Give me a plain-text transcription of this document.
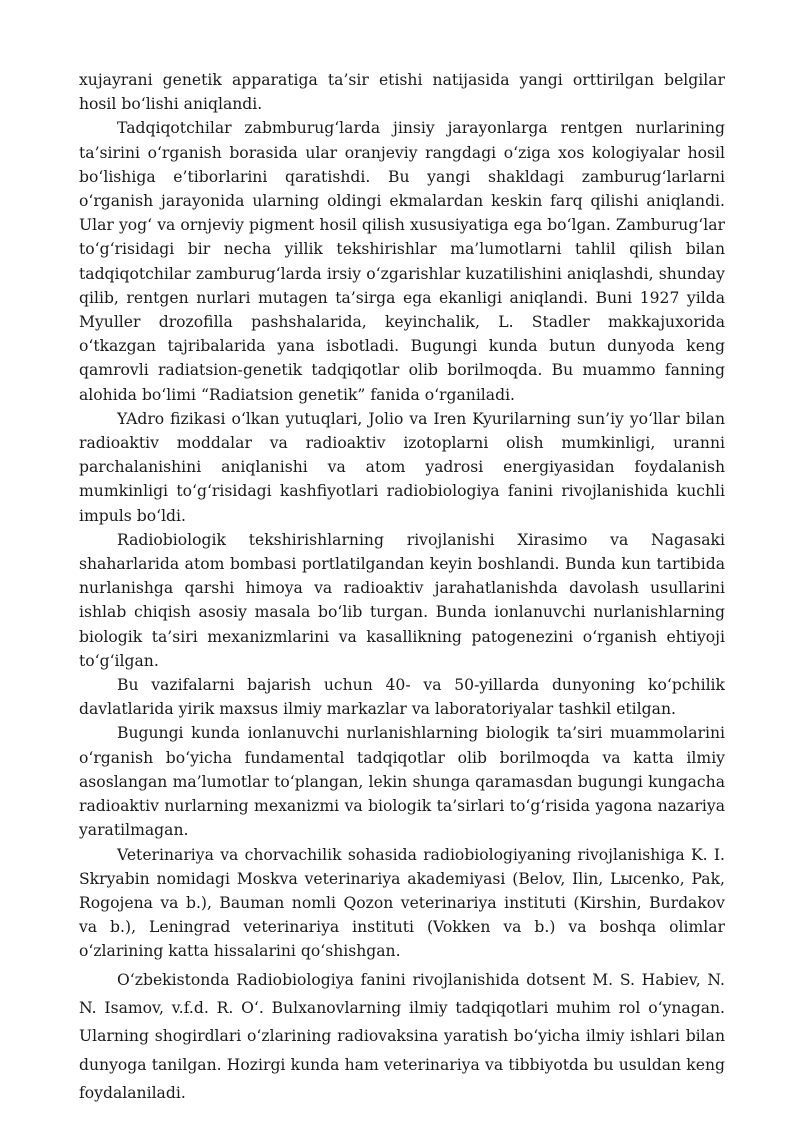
xujayrani genetik apparatiga ta’sir etishi natijasida yangi orttirilgan belgilar hosil bo‘lishi aniqlandi.

Tadqiqotchilar zabmburug‘larda jinsiy jarayonlarga rentgen nurlarining ta’sirini o‘rganish borasida ular oranjeviy rangdagi o‘ziga xos kologiyalar hosil bo‘lishiga e’tiborlarini qaratishdi. Bu yangi shakldagi zamburug‘larlarni o‘rganish jarayonida ularning oldingi ekmalardan keskin farq qilishi aniqlandi. Ular yog‘ va ornjeviy pigment hosil qilish xususiyatiga ega bo‘lgan. Zamburug‘lar to‘g‘risidagi bir necha yillik tekshirishlar ma’lumotlarni tahlil qilish bilan tadqiqotchilar zamburug‘larda irsiy o‘zgarishlar kuzatilishini aniqlashdi, shunday qilib, rentgen nurlari mutagen ta’sirga ega ekanligi aniqlandi. Buni 1927 yilda Myuller drozofilla pashshalarida, keyinchalik, L. Stadler makkajuxorida o‘tkazgan tajribalarida yana isbotladi. Bugungi kunda butun dunyoda keng qamrovli radiatsion-genetik tadqiqotlar olib borilmoqda. Bu muammo fanning alohida bo‘limi “Radiatsion genetik” fanida o‘rganiladi.

YAdro fizikasi o‘lkan yutuqlari, Jolio va Iren Kyurilarning sun’iy yo‘llar bilan radioaktiv moddalar va radioaktiv izotoplarni olish mumkinligi, uranni parchalanishini aniqlanishi va atom yadrosi energiyasidan foydalanish mumkinligi to‘g‘risidagi kashfiyotlari radiobiologiya fanini rivojlanishida kuchli impuls bo‘ldi.

Radiobiologik tekshirishlarning rivojlanishi Xirasimo va Nagasaki shaharlarida atom bombasi portlatilgandan keyin boshlandi. Bunda kun tartibida nurlanishga qarshi himoya va radioaktiv jarahatlanishda davolash usullarini ishlab chiqish asosiy masala bo‘lib turgan. Bunda ionlanuvchi nurlanishlarning biologik ta’siri mexanizmlarini va kasallikning patogenezini o‘rganish ehtiyoji to‘g‘ilgan.

Bu vazifalarni bajarish uchun 40- va 50-yillarda dunyoning ko‘pchilik davlatlarida yirik maxsus ilmiy markazlar va laboratoriyalar tashkil etilgan.

Bugungi kunda ionlanuvchi nurlanishlarning biologik ta’siri muammolarini o‘rganish bo‘yicha fundamental tadqiqotlar olib borilmoqda va katta ilmiy asoslangan ma’lumotlar to‘plangan, lekin shunga qaramasdan bugungi kungacha radioaktiv nurlarning mexanizmi va biologik ta’sirlari to‘g‘risida yagona nazariya yaratilmagan.

Veterinariya va chorvachilik sohasida radiobiologiyaning rivojlanishiga K. I. Skryabin nomidagi Moskva veterinariya akademiyasi (Belov, Ilin, Lысenko, Pak, Rogojena va b.), Bauman nomli Qozon veterinariya instituti (Kirshin, Burdakov va b.), Leningrad veterinariya instituti (Vokken va b.) va boshqa olimlar o‘zlarining katta hissalarini qo‘shishgan.

O‘zbekistonda Radiobiologiya fanini rivojlanishida dotsent M. S. Habiev, N. N. Isamov, v.f.d. R. O‘. Bulxanovlarning ilmiy tadqiqotlari muhim rol o‘ynagan. Ularning shogirdlari o‘zlarining radiovaksina yaratish bo‘yicha ilmiy ishlari bilan dunyoga tanilgan. Hozirgi kunda ham veterinariya va tibbiyotda bu usuldan keng foydalaniladi.
